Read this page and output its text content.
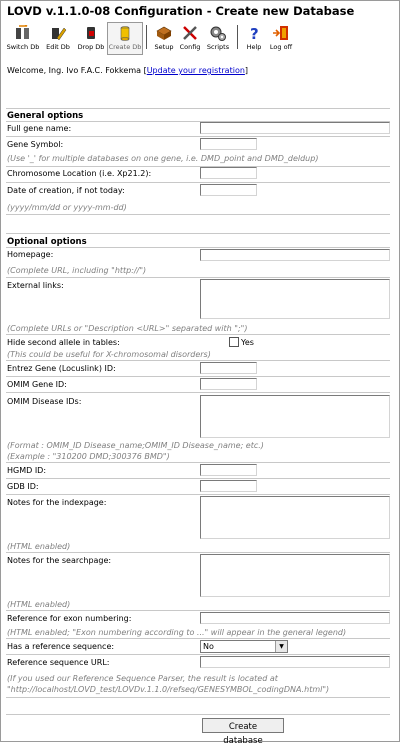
LOVD v.1.1.0-08 Configuration - Create new Database
Switch Db	Edit Db	Drop Db Create Db	Setup Config Scripts
?
Help	Log off
Welcome, Ing. Ivo F.A.C. Fokkema [Update your registration]
General options
Full gene name:
Gene Symbol:
(Use '_' for multiple databases on one gene, i.e. DMD_point and DMD_deldup)
Chromosome Location (i.e. Xp21.2):
Date of creation, if not today:
(yyyy/mm/dd or yyyy-mm-dd)
Optional options
Homepage:
(Complete URL, including "http://")
External links:
(Complete URLs or "Description <URL>" separated with ";")
Hide second allele in tables:	Yes
(This could be useful for X-chromosomal disorders)
Entrez Gene (Locuslink) ID:
OMIM Gene ID:
OMIM Disease IDs:
(Format : OMIM_ID Disease_name;OMIM_ID Disease_name; etc.)
(Example : "310200 DMD;300376 BMD")
HGMD ID:
GDB ID:
Notes for the indexpage:
(HTML enabled)
Notes for the searchpage:
(HTML enabled)
Reference for exon numbering:
(HTML enabled; "Exon numbering according to ..." will appear in the general legend)
Has a reference sequence:	No	▼
Reference sequence URL:
(If you used our Reference Sequence Parser, the result is located at
"http://localhost/LOVD_test/LOVDv.1.1.0/refseq/GENESYMBOL_codingDNA.html")
Create database
